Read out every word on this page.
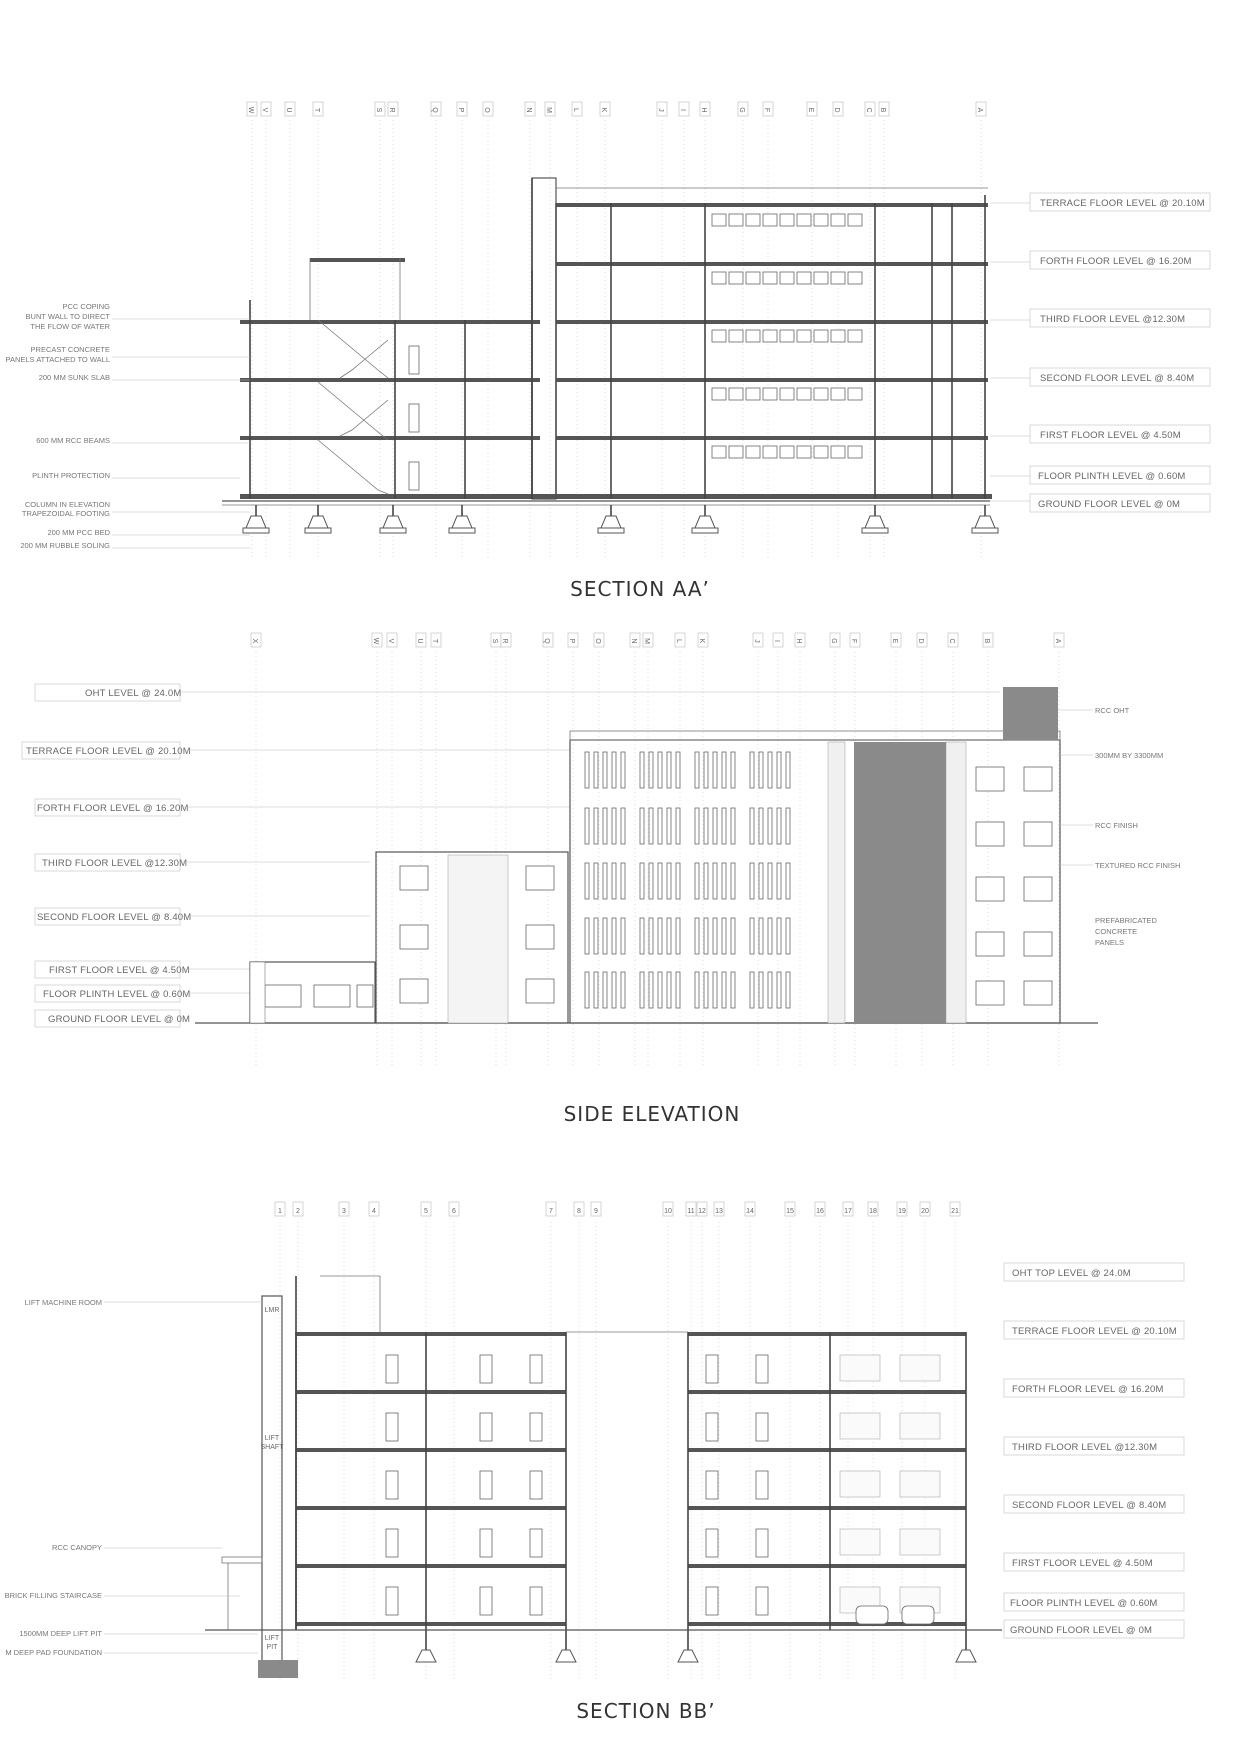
W V U	T	S R	Q	P	O	N M	L	K	J I H	G	F	E	D	C B	A
PCC COPING
BUNT WALL TO DIRECT
THE FLOW OF WATER
PRECAST CONCRETE
PANELS ATTACHED TO WALL
200 MM SUNK SLAB
600 MM RCC BEAMS
PLINTH PROTECTION
COLUMN IN ELEVATION
TRAPEZOIDAL FOOTING
200 MM PCC BED
200 MM RUBBLE SOLING
TERRACE FLOOR LEVEL @ 20.10M
FORTH FLOOR LEVEL @ 16.20M
THIRD FLOOR LEVEL @12.30M
SECOND FLOOR LEVEL @ 8.40M
FIRST FLOOR LEVEL @ 4.50M
FLOOR PLINTH LEVEL @ 0.60M
GROUND FLOOR LEVEL @ 0M
SECTION AA’
X	W V	U T	S R	Q	P	O	N M	L K	J I H	G F	E	D	C	B	A
OHT LEVEL @ 24.0M
TERRACE FLOOR LEVEL @ 20.10M
FORTH FLOOR LEVEL @ 16.20M
THIRD FLOOR LEVEL @12.30M
SECOND FLOOR LEVEL @ 8.40M
FIRST FLOOR LEVEL @ 4.50M
FLOOR PLINTH LEVEL @ 0.60M
GROUND FLOOR LEVEL @ 0M
RCC OHT
300MM BY 3300MM
RCC FINISH
TEXTURED RCC FINISH
PREFABRICATED
CONCRETE
PANELS
SIDE ELEVATION
1 2	3	4	5	6	7	8 9	10 11 12 13	14	15	16	17 18	19 20	21
LMR
LIFT
SHAFT
LIFT
PIT
LIFT MACHINE ROOM
RCC CANOPY
BRICK FILLING STAIRCASE
1500MM DEEP LIFT PIT
M DEEP PAD FOUNDATION
OHT TOP LEVEL @ 24.0M
TERRACE FLOOR LEVEL @ 20.10M
FORTH FLOOR LEVEL @ 16.20M
THIRD FLOOR LEVEL @12.30M
SECOND FLOOR LEVEL @ 8.40M
FIRST FLOOR LEVEL @ 4.50M
FLOOR PLINTH LEVEL @ 0.60M
GROUND FLOOR LEVEL @ 0M
SECTION BB’
